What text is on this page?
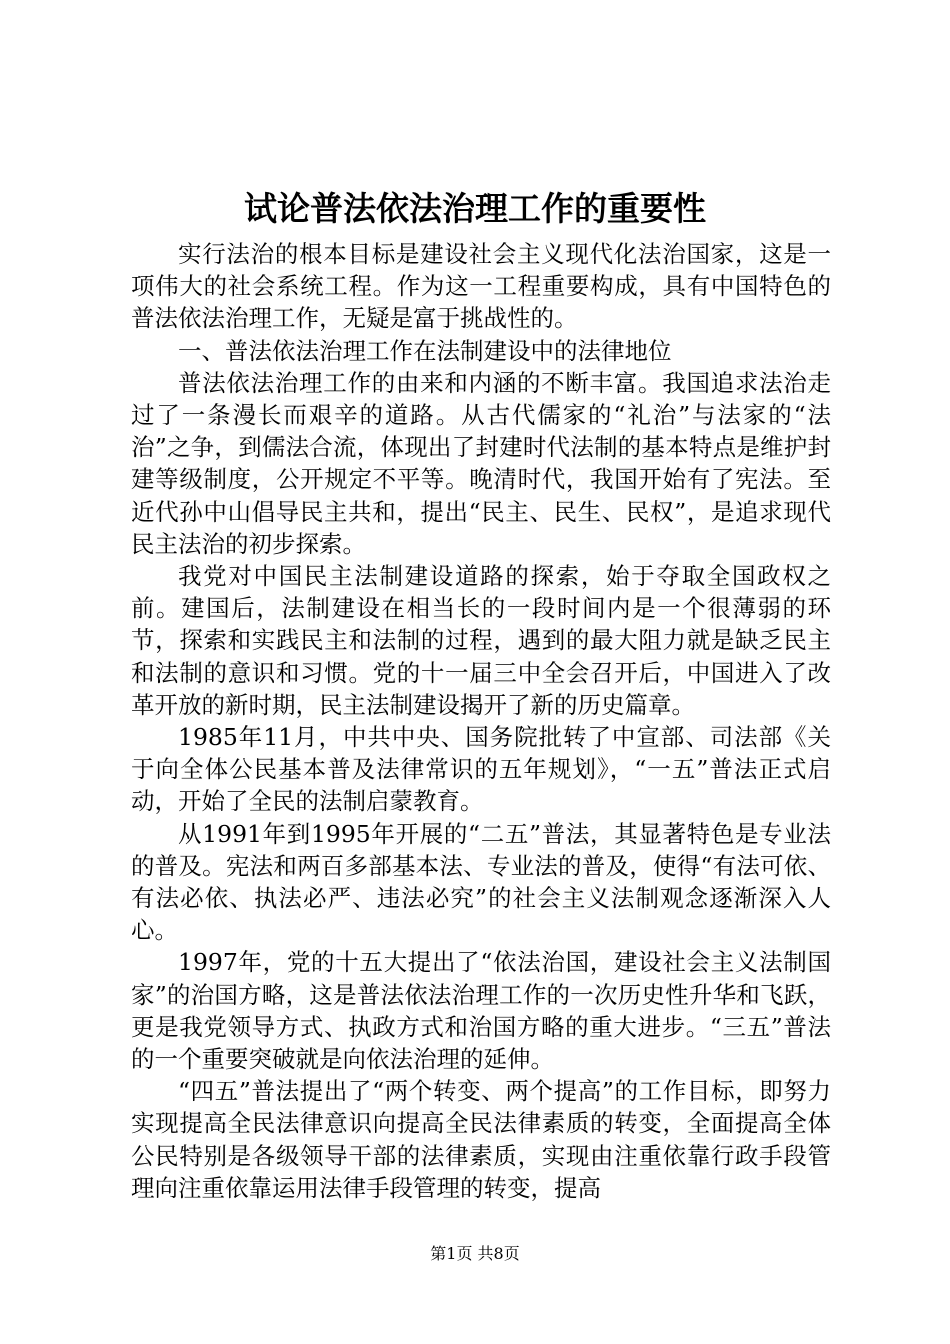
试论普法依法治理工作的重要性

实行法治的根本目标是建设社会主义现代化法治国家，这是一项伟大的社会系统工程。作为这一工程重要构成，具有中国特色的普法依法治理工作，无疑是富于挑战性的。

一、普法依法治理工作在法制建设中的法律地位

普法依法治理工作的由来和内涵的不断丰富。我国追求法治走过了一条漫长而艰辛的道路。从古代儒家的“礼治”与法家的“法治”之争，到儒法合流，体现出了封建时代法制的基本特点是维护封建等级制度，公开规定不平等。晚清时代，我国开始有了宪法。至近代孙中山倡导民主共和，提出“民主、民生、民权”，是追求现代民主法治的初步探索。

我党对中国民主法制建设道路的探索，始于夺取全国政权之前。建国后，法制建设在相当长的一段时间内是一个很薄弱的环节，探索和实践民主和法制的过程，遇到的最大阻力就是缺乏民主和法制的意识和习惯。党的十一届三中全会召开后，中国进入了改革开放的新时期，民主法制建设揭开了新的历史篇章。

1985年11月，中共中央、国务院批转了中宣部、司法部《关于向全体公民基本普及法律常识的五年规划》，“一五”普法正式启动，开始了全民的法制启蒙教育。

从1991年到1995年开展的“二五”普法，其显著特色是专业法的普及。宪法和两百多部基本法、专业法的普及，使得“有法可依、有法必依、执法必严、违法必究”的社会主义法制观念逐渐深入人心。

1997年，党的十五大提出了“依法治国，建设社会主义法制国家”的治国方略，这是普法依法治理工作的一次历史性升华和飞跃，更是我党领导方式、执政方式和治国方略的重大进步。“三五”普法的一个重要突破就是向依法治理的延伸。

“四五”普法提出了“两个转变、两个提高”的工作目标，即努力实现提高全民法律意识向提高全民法律素质的转变，全面提高全体公民特别是各级领导干部的法律素质，实现由注重依靠行政手段管理向注重依靠运用法律手段管理的转变，提高

第1页 共8页
